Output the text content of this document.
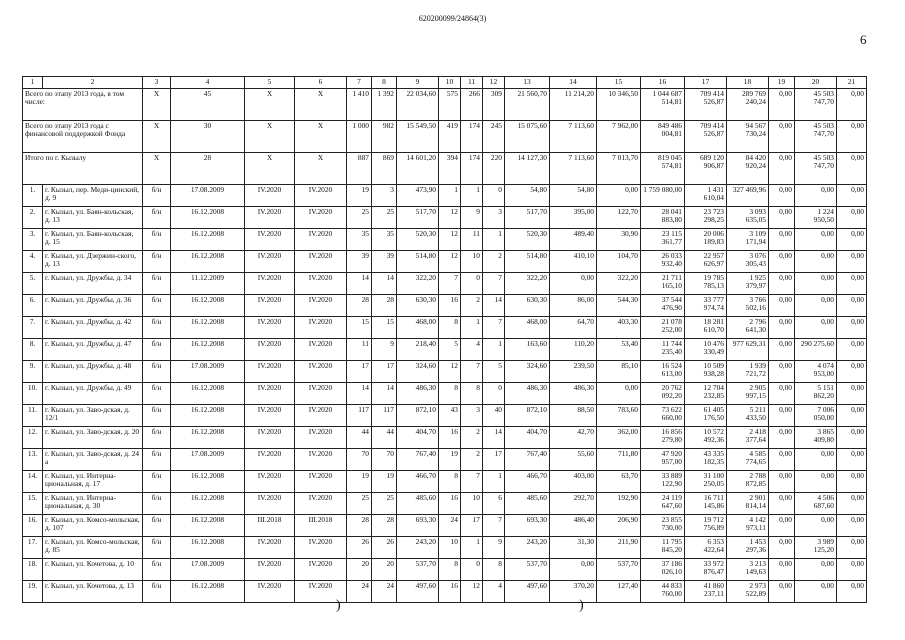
620200099/24864(3)
6
1	2	3	4	5	6	7	8	9	10	11	12	13	14	15	16	17	18	19	20	21
Всего по этапу 2013 года, в том числе:		X	45	X	X	1 410	1 392	22 034,60	575	266	309	21 560,70	11 214,20	10 346,50	1 044 687 514,81	709 414 526,87	289 769 240,24	0,00	45 503 747,70	0,00
Всего по этапу 2013 года с финансовой поддержкой Фонда		X	30	X	X	1 000	982	15 549,50	419	174	245	15 075,60	7 113,60	7 962,00	849 486 004,81	709 414 526,87	94 567 730,24	0,00	45 503 747,70	0,00
Итого по г. Кызылу		X	28	X	X	887	869	14 601,20	394	174	220	14 127,30	7 113,60	7 013,70	819 045 574,81	689 120 906,87	84 420 920,24	0,00	45 503 747,70	0,00
1.	г. Кызыл, пер. Меди-цинский, д. 9	б/н	17.08.2009	IV.2020	IV.2020	19	3	473,90	1	1	0	54,80	54,80	0,00	1 759 080,00	1 431 610,04	327 469,96	0,00	0,00	0,00
2.	г. Кызыл, ул. Баян-кольская, д. 13	б/н	16.12.2008	IV.2020	IV.2020	25	25	517,70	12	9	3	517,70	395,00	122,70	28 041 883,80	23 723 298,25	3 093 635,05	0,00	1 224 950,50	0,00
3.	г. Кызыл, ул. Баян-кольская, д. 15	б/н	16.12.2008	IV.2020	IV.2020	35	35	520,30	12	11	1	520,30	489,40	30,90	23 115 361,77	20 006 189,83	3 109 171,94	0,00	0,00	0,00
4.	г. Кызыл, ул. Дзержин-ского, д. 13	б/н	16.12.2008	IV.2020	IV.2020	39	39	514,80	12	10	2	514,80	410,10	104,70	26 033 932,40	22 957 626,97	3 076 305,43	0,00	0,00	0,00
5.	г. Кызыл, ул. Дружбы, д. 34	б/н	11.12.2009	IV.2020	IV.2020	14	14	322,20	7	0	7	322,20	0,00	322,20	21 711 165,10	19 785 785,13	1 925 379,97	0,00	0,00	0,00
6.	г. Кызыл, ул. Дружбы, д. 36	б/н	16.12.2008	IV.2020	IV.2020	28	28	630,30	16	2	14	630,30	86,00	544,30	37 544 476,90	33 777 974,74	3 766 502,16	0,00	0,00	0,00
7.	г. Кызыл, ул. Дружбы, д. 42	б/н	16.12.2008	IV.2020	IV.2020	15	15	468,00	8	1	7	468,00	64,70	403,30	21 078 252,00	18 281 610,70	2 796 641,30	0,00	0,00	0,00
8.	г. Кызыл, ул. Дружбы, д. 47	б/н	16.12.2008	IV.2020	IV.2020	11	9	218,40	5	4	1	163,60	110,20	53,40	11 744 235,40	10 476 330,49	977 629,31	0,00	290 275,60	0,00
9.	г. Кызыл, ул. Дружбы, д. 48	б/н	17.08.2009	IV.2020	IV.2020	17	17	324,60	12	7	5	324,60	239,50	85,10	16 524 613,00	10 509 938,28	1 939 721,72	0,00	4 074 953,00	0,00
10.	г. Кызыл, ул. Дружбы, д. 49	б/н	16.12.2008	IV.2020	IV.2020	14	14	486,30	8	8	0	486,30	486,30	0,00	20 762 092,20	12 704 232,85	2 905 997,15	0,00	5 151 862,20	0,00
11.	г. Кызыл, ул. Заво-дская, д. 12/1	б/н	16.12.2008	IV.2020	IV.2020	117	117	872,10	43	3	40	872,10	88,50	783,60	73 622 660,00	61 405 176,50	5 211 433,50	0,00	7 006 050,00	0,00
12.	г. Кызыл, ул. Заво-дская, д. 20	б/н	16.12.2008	IV.2020	IV.2020	44	44	404,70	16	2	14	404,70	42,70	362,00	16 856 279,80	10 572 492,36	2 418 377,64	0,00	3 865 409,80	0,00
13.	г. Кызыл, ул. Заво-дская, д. 24 а	б/н	17.08.2009	IV.2020	IV.2020	70	70	767,40	19	2	17	767,40	55,60	711,80	47 920 957,00	43 335 182,35	4 585 774,65	0,00	0,00	0,00
14.	г. Кызыл, ул. Интерна-циональная, д. 17	б/н	16.12.2008	IV.2020	IV.2020	19	19	466,70	8	7	1	466,70	403,00	63,70	33 889 122,90	31 100 250,05	2 788 872,85	0,00	0,00	0,00
15.	г. Кызыл, ул. Интерна-циональная, д. 30	б/н	16.12.2008	IV.2020	IV.2020	25	25	485,60	16	10	6	485,60	292,70	192,90	24 119 647,60	16 711 145,86	2 901 814,14	0,00	4 506 687,60	0,00
16.	г. Кызыл, ул. Комсо-мольская, д. 107	б/н	16.12.2008	III.2018	III.2018	28	28	693,30	24	17	7	693,30	486,40	206,90	23 855 730,00	19 712 756,89	4 142 973,11	0,00	0,00	0,00
17.	г. Кызыл, ул. Комсо-мольская, д. 85	б/н	16.12.2008	IV.2020	IV.2020	26	26	243,20	10	1	9	243,20	31,30	211,90	11 795 845,20	6 353 422,64	1 453 297,36	0,00	3 989 125,20	0,00
18.	г. Кызыл, ул. Кочетова, д. 10	б/н	17.08.2009	IV.2020	IV.2020	20	20	537,70	8	0	8	537,70	0,00	537,70	37 186 026,10	33 972 876,47	3 213 149,63	0,00	0,00	0,00
19.	г. Кызыл, ул. Кочетова, д. 13	б/н	16.12.2008	IV.2020	IV.2020	24	24	497,60	16	12	4	497,60	370,20	127,40	44 833 760,00	41 860 237,11	2 973 522,89	0,00	0,00	0,00
)	)
